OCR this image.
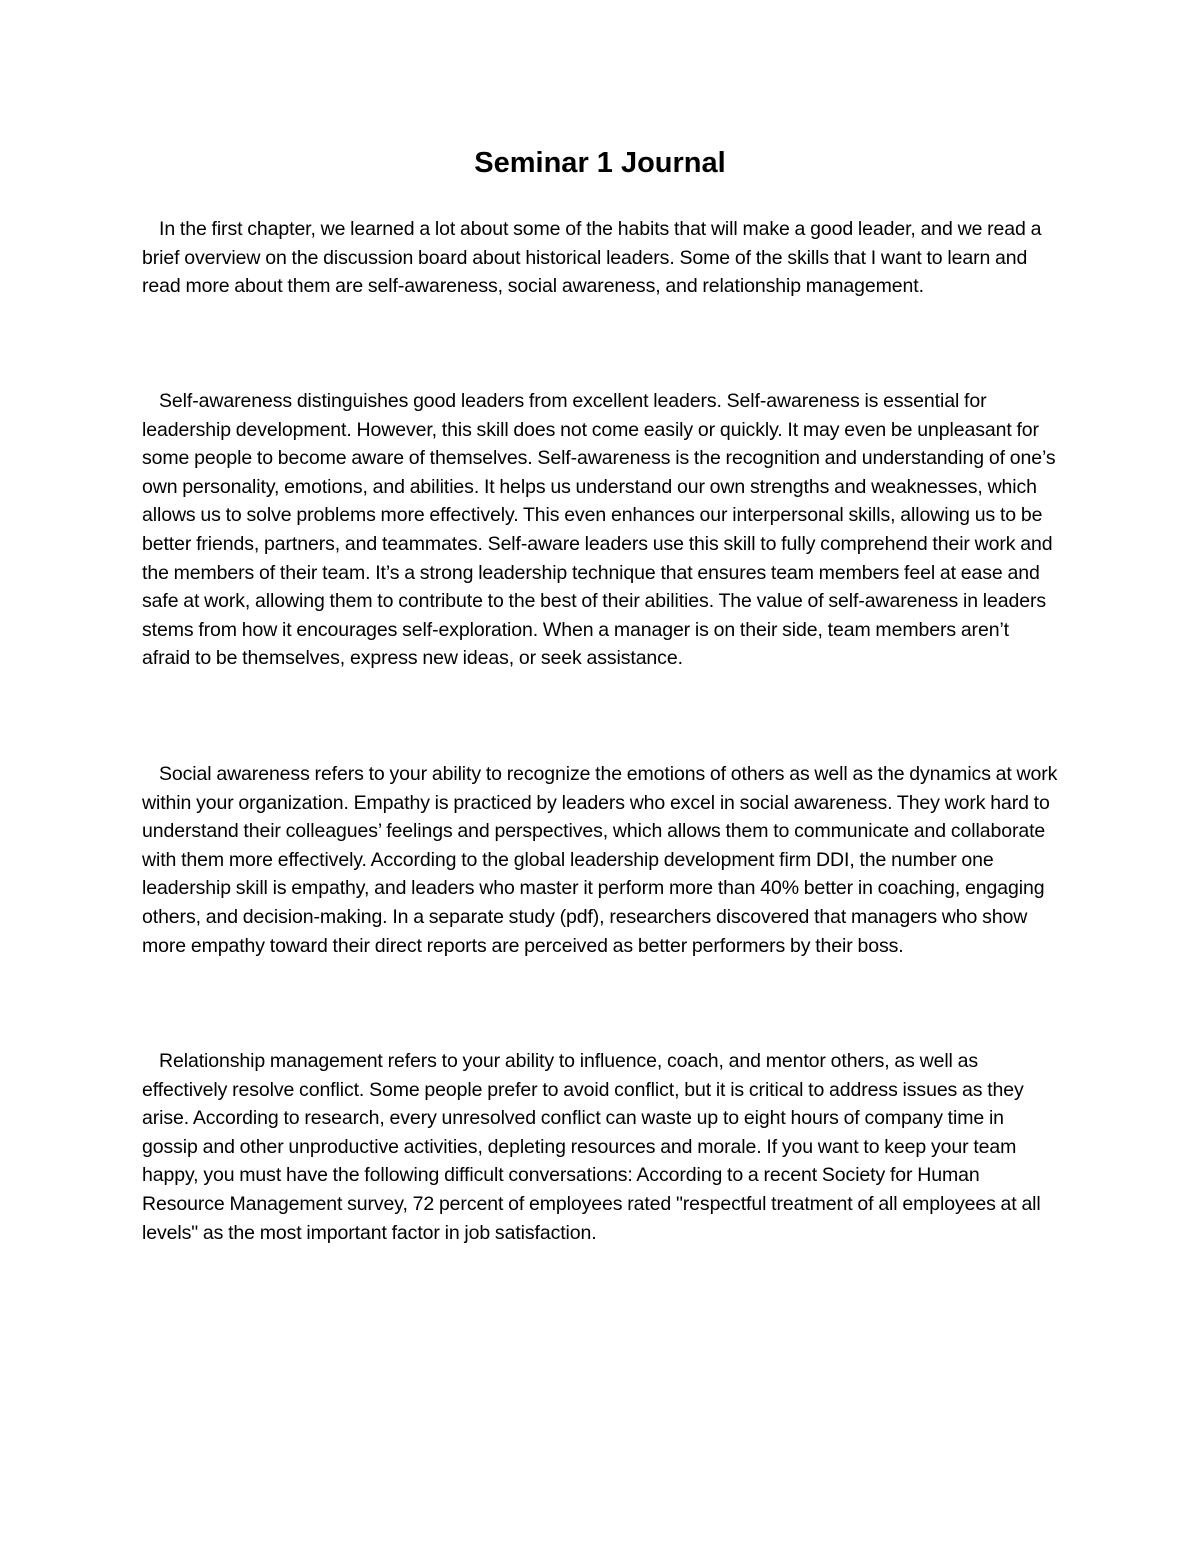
Seminar 1 Journal

In the first chapter, we learned a lot about some of the habits that will make a good leader, and we read a brief overview on the discussion board about historical leaders. Some of the skills that I want to learn and read more about them are self-awareness, social awareness, and relationship management.

Self-awareness distinguishes good leaders from excellent leaders. Self-awareness is essential for leadership development. However, this skill does not come easily or quickly. It may even be unpleasant for some people to become aware of themselves. Self-awareness is the recognition and understanding of one’s own personality, emotions, and abilities. It helps us understand our own strengths and weaknesses, which allows us to solve problems more effectively. This even enhances our interpersonal skills, allowing us to be better friends, partners, and teammates. Self-aware leaders use this skill to fully comprehend their work and the members of their team. It’s a strong leadership technique that ensures team members feel at ease and safe at work, allowing them to contribute to the best of their abilities. The value of self-awareness in leaders stems from how it encourages self-exploration. When a manager is on their side, team members aren’t afraid to be themselves, express new ideas, or seek assistance.

Social awareness refers to your ability to recognize the emotions of others as well as the dynamics at work within your organization. Empathy is practiced by leaders who excel in social awareness. They work hard to understand their colleagues’ feelings and perspectives, which allows them to communicate and collaborate with them more effectively. According to the global leadership development firm DDI, the number one leadership skill is empathy, and leaders who master it perform more than 40% better in coaching, engaging others, and decision-making. In a separate study (pdf), researchers discovered that managers who show more empathy toward their direct reports are perceived as better performers by their boss.

Relationship management refers to your ability to influence, coach, and mentor others, as well as effectively resolve conflict. Some people prefer to avoid conflict, but it is critical to address issues as they arise. According to research, every unresolved conflict can waste up to eight hours of company time in gossip and other unproductive activities, depleting resources and morale. If you want to keep your team happy, you must have the following difficult conversations: According to a recent Society for Human Resource Management survey, 72 percent of employees rated "respectful treatment of all employees at all levels" as the most important factor in job satisfaction.
